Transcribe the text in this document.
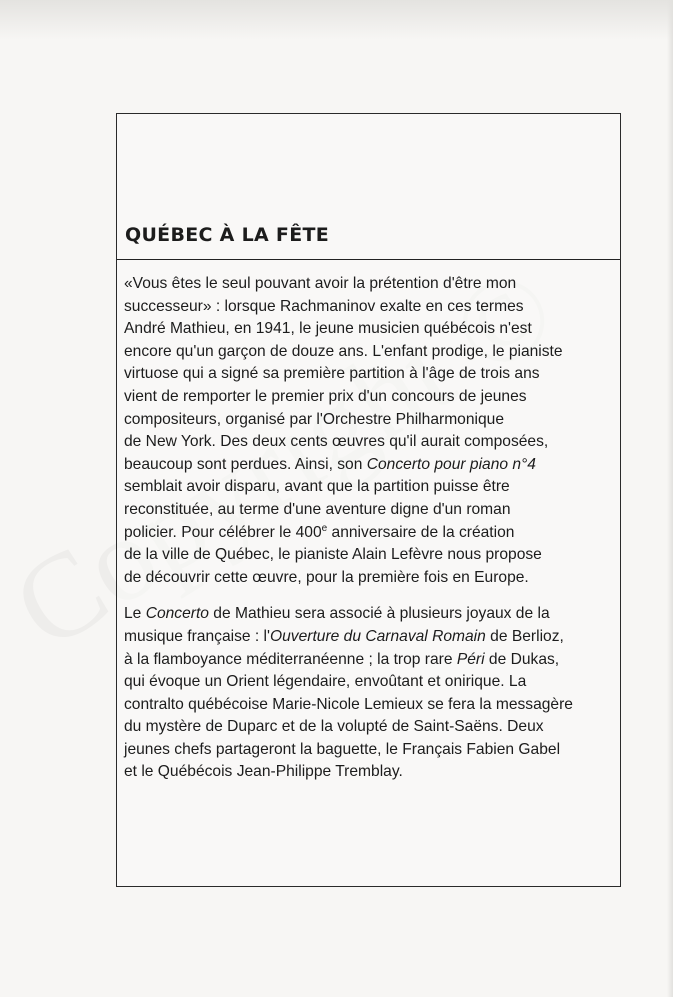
QUÉBEC À LA FÊTE

«Vous êtes le seul pouvant avoir la prétention d'être mon
successeur» : lorsque Rachmaninov exalte en ces termes
André Mathieu, en 1941, le jeune musicien québécois n'est
encore qu'un garçon de douze ans. L'enfant prodige, le pianiste
virtuose qui a signé sa première partition à l'âge de trois ans
vient de remporter le premier prix d'un concours de jeunes
compositeurs, organisé par l'Orchestre Philharmonique
de New York. Des deux cents œuvres qu'il aurait composées,
beaucoup sont perdues. Ainsi, son Concerto pour piano n°4
semblait avoir disparu, avant que la partition puisse être
reconstituée, au terme d'une aventure digne d'un roman
policier. Pour célébrer le 400e anniversaire de la création
de la ville de Québec, le pianiste Alain Lefèvre nous propose
de découvrir cette œuvre, pour la première fois en Europe.

Le Concerto de Mathieu sera associé à plusieurs joyaux de la
musique française : l'Ouverture du Carnaval Romain de Berlioz,
à la flamboyance méditerranéenne ; la trop rare Péri de Dukas,
qui évoque un Orient légendaire, envoûtant et onirique. La
contralto québécoise Marie-Nicole Lemieux se fera la messagère
du mystère de Duparc et de la volupté de Saint-Saëns. Deux
jeunes chefs partageront la baguette, le Français Fabien Gabel
et le Québécois Jean-Philippe Tremblay.
